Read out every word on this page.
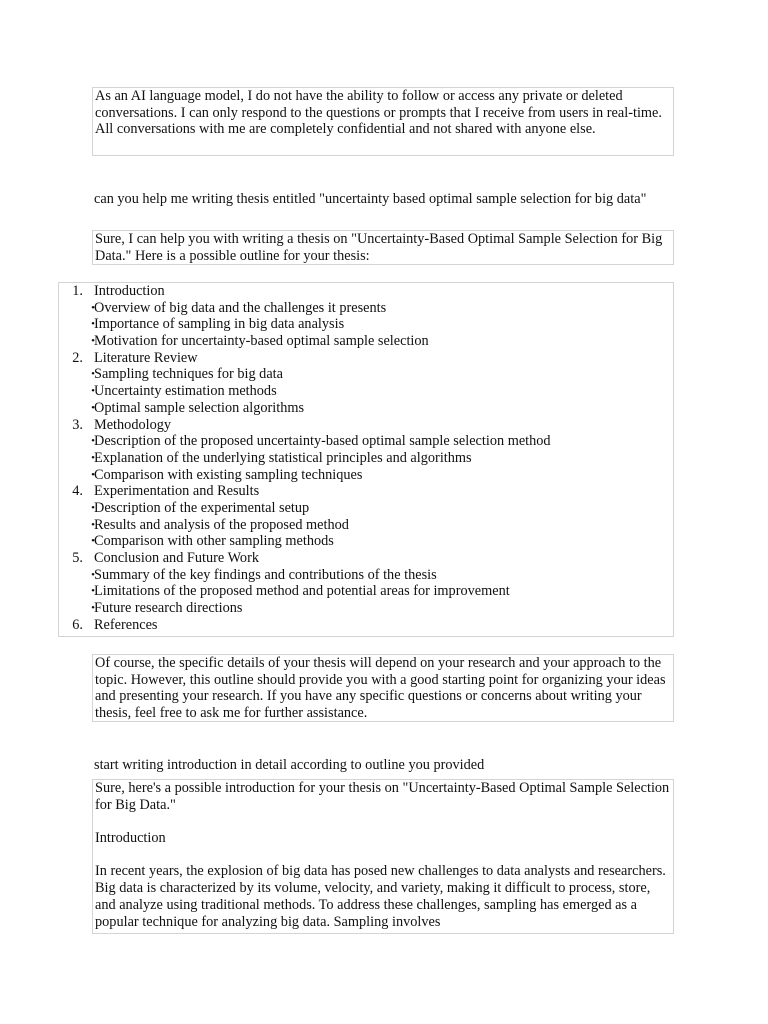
As an AI language model, I do not have the ability to follow or access any private or deleted conversations. I can only respond to the questions or prompts that I receive from users in real-time. All conversations with me are completely confidential and not shared with anyone else.

can you help me writing thesis entitled "uncertainty based optimal sample selection for big data"

Sure, I can help you with writing a thesis on "Uncertainty-Based Optimal Sample Selection for Big Data." Here is a possible outline for your thesis:

1. Introduction
• Overview of big data and the challenges it presents
• Importance of sampling in big data analysis
• Motivation for uncertainty-based optimal sample selection
2. Literature Review
• Sampling techniques for big data
• Uncertainty estimation methods
• Optimal sample selection algorithms
3. Methodology
• Description of the proposed uncertainty-based optimal sample selection method
• Explanation of the underlying statistical principles and algorithms
• Comparison with existing sampling techniques
4. Experimentation and Results
• Description of the experimental setup
• Results and analysis of the proposed method
• Comparison with other sampling methods
5. Conclusion and Future Work
• Summary of the key findings and contributions of the thesis
• Limitations of the proposed method and potential areas for improvement
• Future research directions
6. References

Of course, the specific details of your thesis will depend on your research and your approach to the topic. However, this outline should provide you with a good starting point for organizing your ideas and presenting your research. If you have any specific questions or concerns about writing your thesis, feel free to ask me for further assistance.

start writing introduction in detail according to outline you provided

Sure, here's a possible introduction for your thesis on "Uncertainty-Based Optimal Sample Selection for Big Data."

Introduction

In recent years, the explosion of big data has posed new challenges to data analysts and researchers. Big data is characterized by its volume, velocity, and variety, making it difficult to process, store, and analyze using traditional methods. To address these challenges, sampling has emerged as a popular technique for analyzing big data. Sampling involves
